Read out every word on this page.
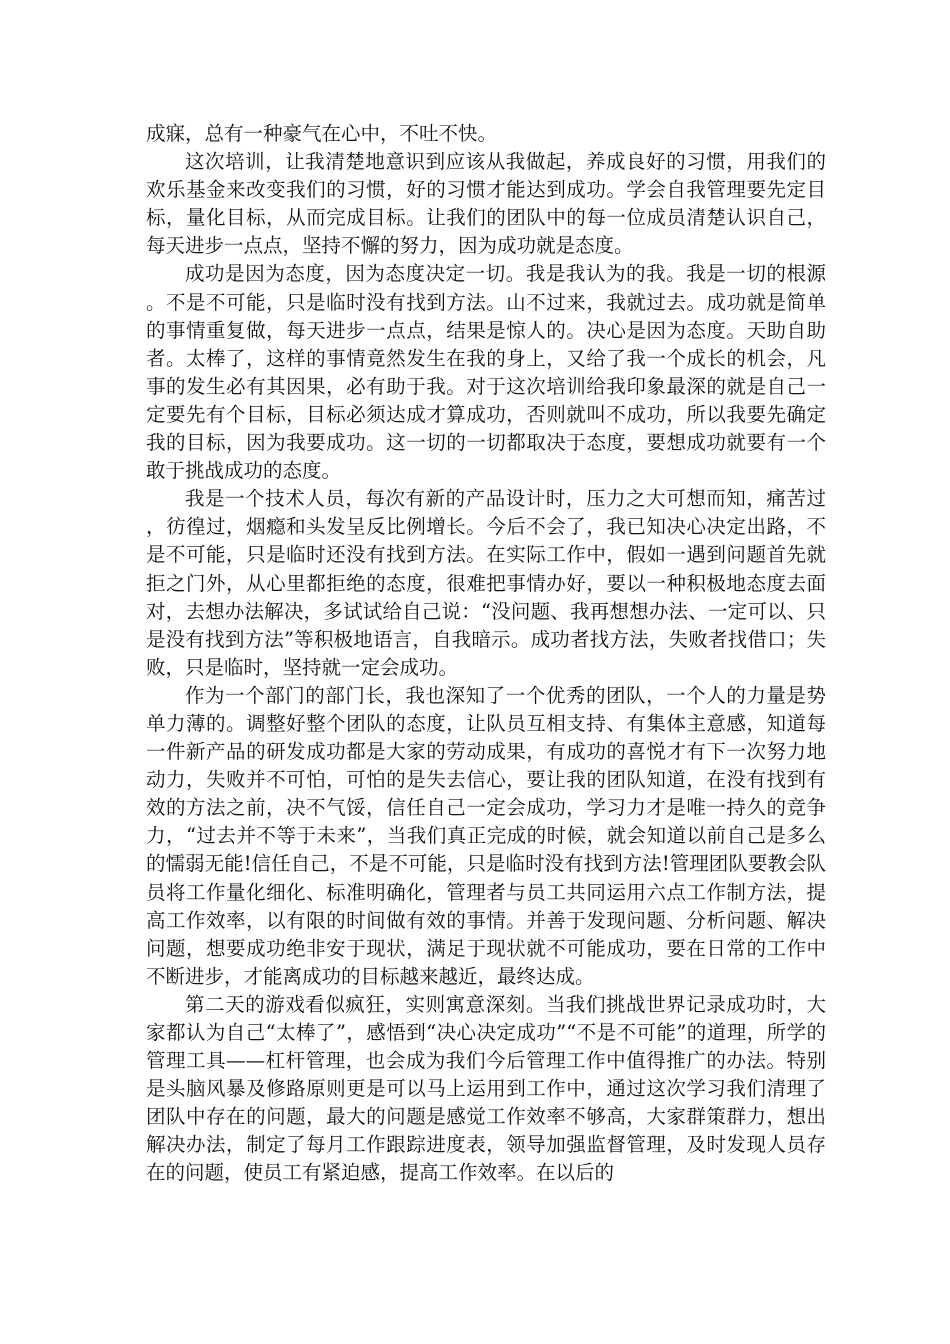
成寐，总有一种豪气在心中，不吐不快。

这次培训，让我清楚地意识到应该从我做起，养成良好的习惯，用我们的欢乐基金来改变我们的习惯，好的习惯才能达到成功。学会自我管理要先定目标，量化目标，从而完成目标。让我们的团队中的每一位成员清楚认识自己，每天进步一点点，坚持不懈的努力，因为成功就是态度。

成功是因为态度，因为态度决定一切。我是我认为的我。我是一切的根源。不是不可能，只是临时没有找到方法。山不过来，我就过去。成功就是简单的事情重复做，每天进步一点点，结果是惊人的。决心是因为态度。天助自助者。太棒了，这样的事情竟然发生在我的身上，又给了我一个成长的机会，凡事的发生必有其因果，必有助于我。对于这次培训给我印象最深的就是自己一定要先有个目标，目标必须达成才算成功，否则就叫不成功，所以我要先确定我的目标，因为我要成功。这一切的一切都取决于态度，要想成功就要有一个敢于挑战成功的态度。

我是一个技术人员，每次有新的产品设计时，压力之大可想而知，痛苦过，彷徨过，烟瘾和头发呈反比例增长。今后不会了，我已知决心决定出路，不是不可能，只是临时还没有找到方法。在实际工作中，假如一遇到问题首先就拒之门外，从心里都拒绝的态度，很难把事情办好，要以一种积极地态度去面对，去想办法解决，多试试给自己说：“没问题、我再想想办法、一定可以、只是没有找到方法”等积极地语言，自我暗示。成功者找方法，失败者找借口；失败，只是临时，坚持就一定会成功。

作为一个部门的部门长，我也深知了一个优秀的团队，一个人的力量是势单力薄的。调整好整个团队的态度，让队员互相支持、有集体主意感，知道每一件新产品的研发成功都是大家的劳动成果，有成功的喜悦才有下一次努力地动力，失败并不可怕，可怕的是失去信心，要让我的团队知道，在没有找到有效的方法之前，决不气馁，信任自己一定会成功，学习力才是唯一持久的竞争力，“过去并不等于未来”，当我们真正完成的时候，就会知道以前自己是多么的懦弱无能!信任自己，不是不可能，只是临时没有找到方法!管理团队要教会队员将工作量化细化、标准明确化，管理者与员工共同运用六点工作制方法，提高工作效率，以有限的时间做有效的事情。并善于发现问题、分析问题、解决问题，想要成功绝非安于现状，满足于现状就不可能成功，要在日常的工作中不断进步，才能离成功的目标越来越近，最终达成。

第二天的游戏看似疯狂，实则寓意深刻。当我们挑战世界记录成功时，大家都认为自己“太棒了”，感悟到“决心决定成功”“不是不可能”的道理，所学的管理工具——杠杆管理，也会成为我们今后管理工作中值得推广的办法。特别是头脑风暴及修路原则更是可以马上运用到工作中，通过这次学习我们清理了团队中存在的问题，最大的问题是感觉工作效率不够高，大家群策群力，想出解决办法，制定了每月工作跟踪进度表，领导加强监督管理，及时发现人员存在的问题，使员工有紧迫感，提高工作效率。在以后的
